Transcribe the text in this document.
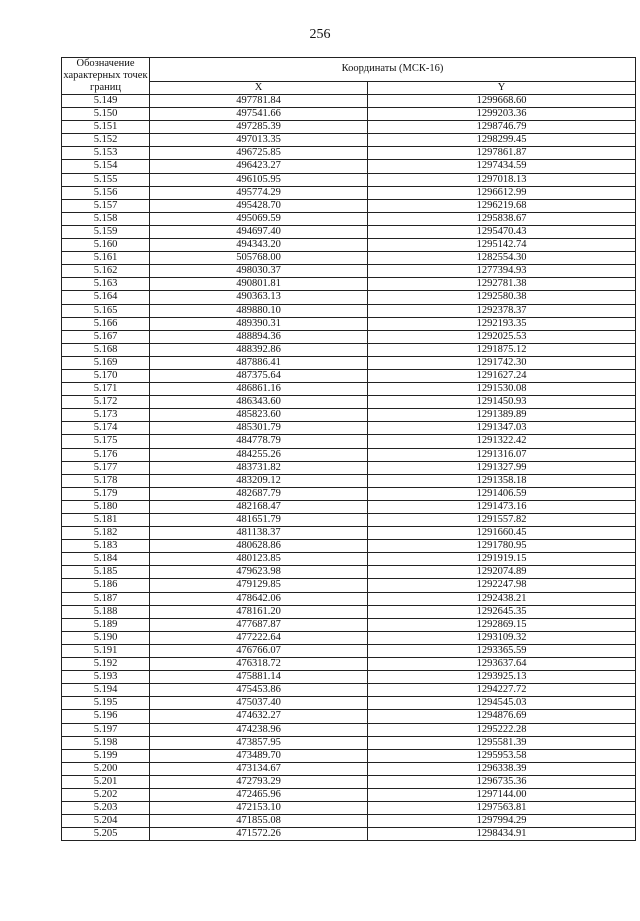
256
Обозначение характерных точек границ	Координаты (МСК-16)	
	X	Y
5.149	497781.84	1299668.60
5.150	497541.66	1299203.36
5.151	497285.39	1298746.79
5.152	497013.35	1298299.45
5.153	496725.85	1297861.87
5.154	496423.27	1297434.59
5.155	496105.95	1297018.13
5.156	495774.29	1296612.99
5.157	495428.70	1296219.68
5.158	495069.59	1295838.67
5.159	494697.40	1295470.43
5.160	494343.20	1295142.74
5.161	505768.00	1282554.30
5.162	498030.37	1277394.93
5.163	490801.81	1292781.38
5.164	490363.13	1292580.38
5.165	489880.10	1292378.37
5.166	489390.31	1292193.35
5.167	488894.36	1292025.53
5.168	488392.86	1291875.12
5.169	487886.41	1291742.30
5.170	487375.64	1291627.24
5.171	486861.16	1291530.08
5.172	486343.60	1291450.93
5.173	485823.60	1291389.89
5.174	485301.79	1291347.03
5.175	484778.79	1291322.42
5.176	484255.26	1291316.07
5.177	483731.82	1291327.99
5.178	483209.12	1291358.18
5.179	482687.79	1291406.59
5.180	482168.47	1291473.16
5.181	481651.79	1291557.82
5.182	481138.37	1291660.45
5.183	480628.86	1291780.95
5.184	480123.85	1291919.15
5.185	479623.98	1292074.89
5.186	479129.85	1292247.98
5.187	478642.06	1292438.21
5.188	478161.20	1292645.35
5.189	477687.87	1292869.15
5.190	477222.64	1293109.32
5.191	476766.07	1293365.59
5.192	476318.72	1293637.64
5.193	475881.14	1293925.13
5.194	475453.86	1294227.72
5.195	475037.40	1294545.03
5.196	474632.27	1294876.69
5.197	474238.96	1295222.28
5.198	473857.95	1295581.39
5.199	473489.70	1295953.58
5.200	473134.67	1296338.39
5.201	472793.29	1296735.36
5.202	472465.96	1297144.00
5.203	472153.10	1297563.81
5.204	471855.08	1297994.29
5.205	471572.26	1298434.91
